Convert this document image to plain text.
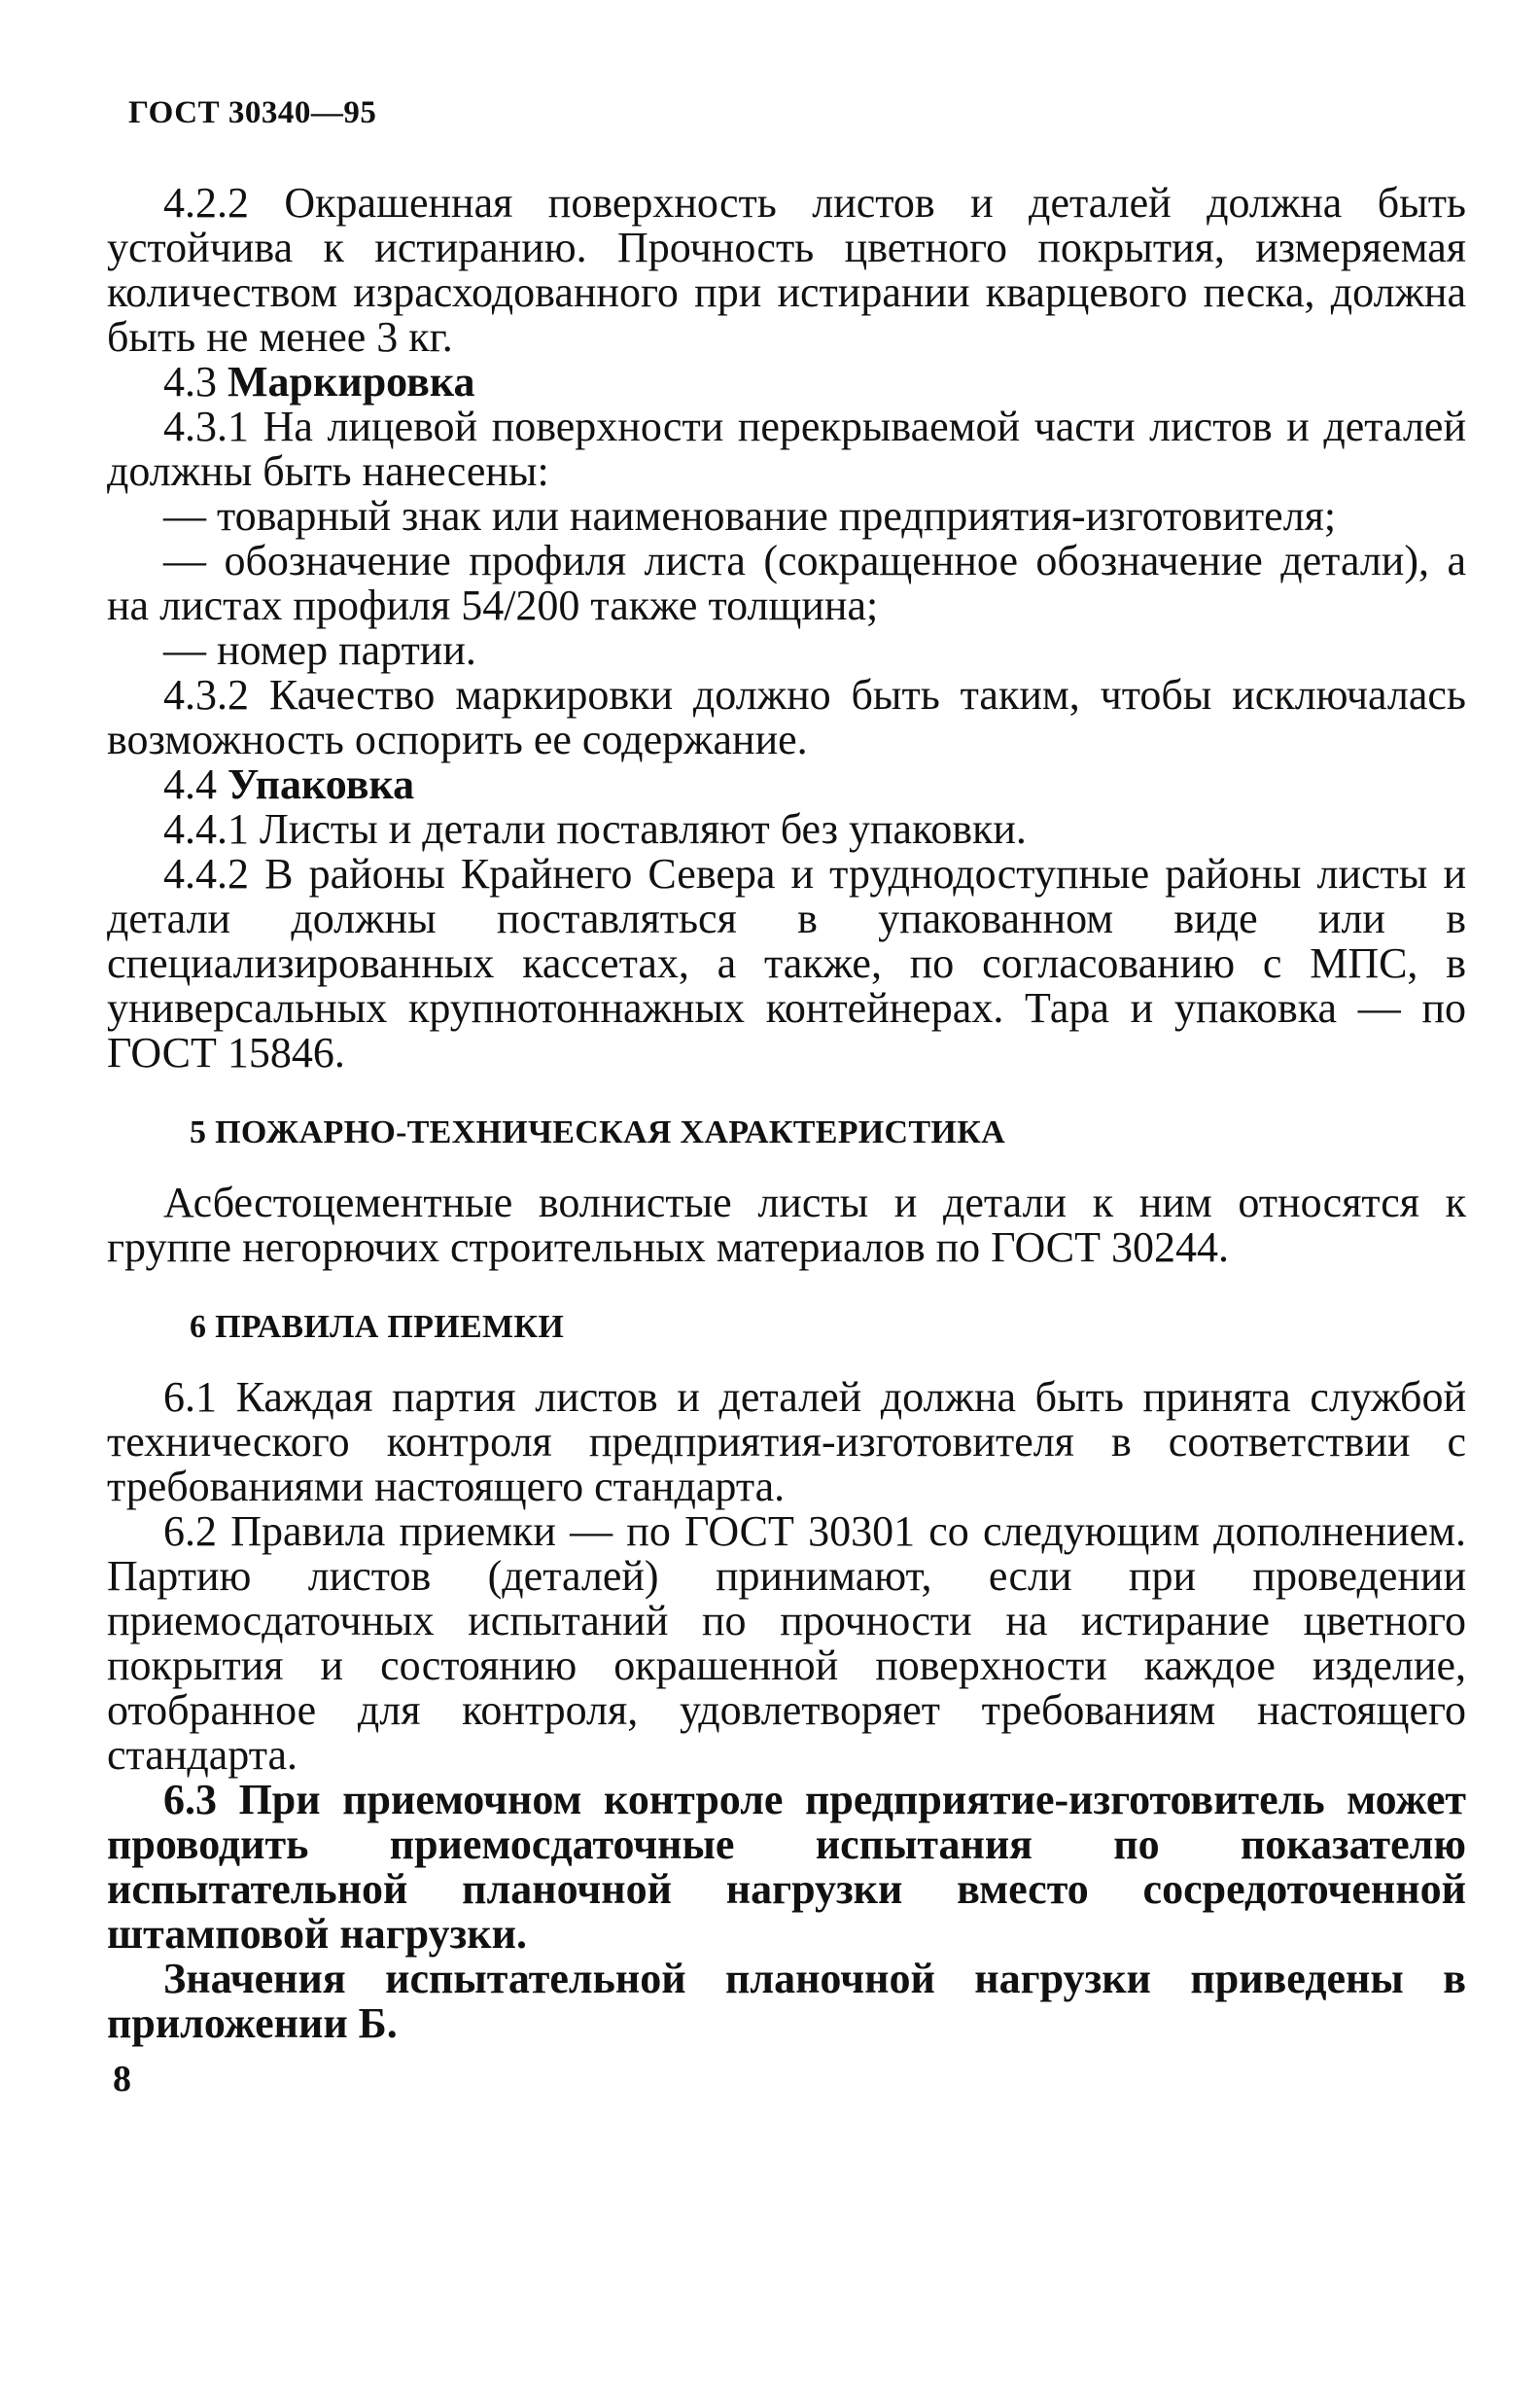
ГОСТ 30340—95

4.2.2 Окрашенная поверхность листов и деталей должна быть устойчива к истиранию. Прочность цветного покрытия, измеряемая количеством израсходованного при истирании кварцевого песка, должна быть не менее 3 кг.

4.3 Маркировка

4.3.1 На лицевой поверхности перекрываемой части листов и деталей должны быть нанесены:

— товарный знак или наименование предприятия-изготовителя;

— обозначение профиля листа (сокращенное обозначение детали), а на листах профиля 54/200 также толщина;

— номер партии.

4.3.2 Качество маркировки должно быть таким, чтобы исключалась возможность оспорить ее содержание.

4.4 Упаковка

4.4.1 Листы и детали поставляют без упаковки.

4.4.2 В районы Крайнего Севера и труднодоступные районы листы и детали должны поставляться в упакованном виде или в специализированных кассетах, а также, по согласованию с МПС, в универсальных крупнотоннажных контейнерах. Тара и упаковка — по ГОСТ 15846.

5 ПОЖАРНО-ТЕХНИЧЕСКАЯ ХАРАКТЕРИСТИКА

Асбестоцементные волнистые листы и детали к ним относятся к группе негорючих строительных материалов по ГОСТ 30244.

6 ПРАВИЛА ПРИЕМКИ

6.1 Каждая партия листов и деталей должна быть принята службой технического контроля предприятия-изготовителя в соответствии с требованиями настоящего стандарта.

6.2 Правила приемки — по ГОСТ 30301 со следующим дополнением. Партию листов (деталей) принимают, если при проведении приемосдаточных испытаний по прочности на истирание цветного покрытия и состоянию окрашенной поверхности каждое изделие, отобранное для контроля, удовлетворяет требованиям настоящего стандарта.

6.3 При приемочном контроле предприятие-изготовитель может проводить приемосдаточные испытания по показателю испытательной планочной нагрузки вместо сосредоточенной штамповой нагрузки.

Значения испытательной планочной нагрузки приведены в приложении Б.

8
